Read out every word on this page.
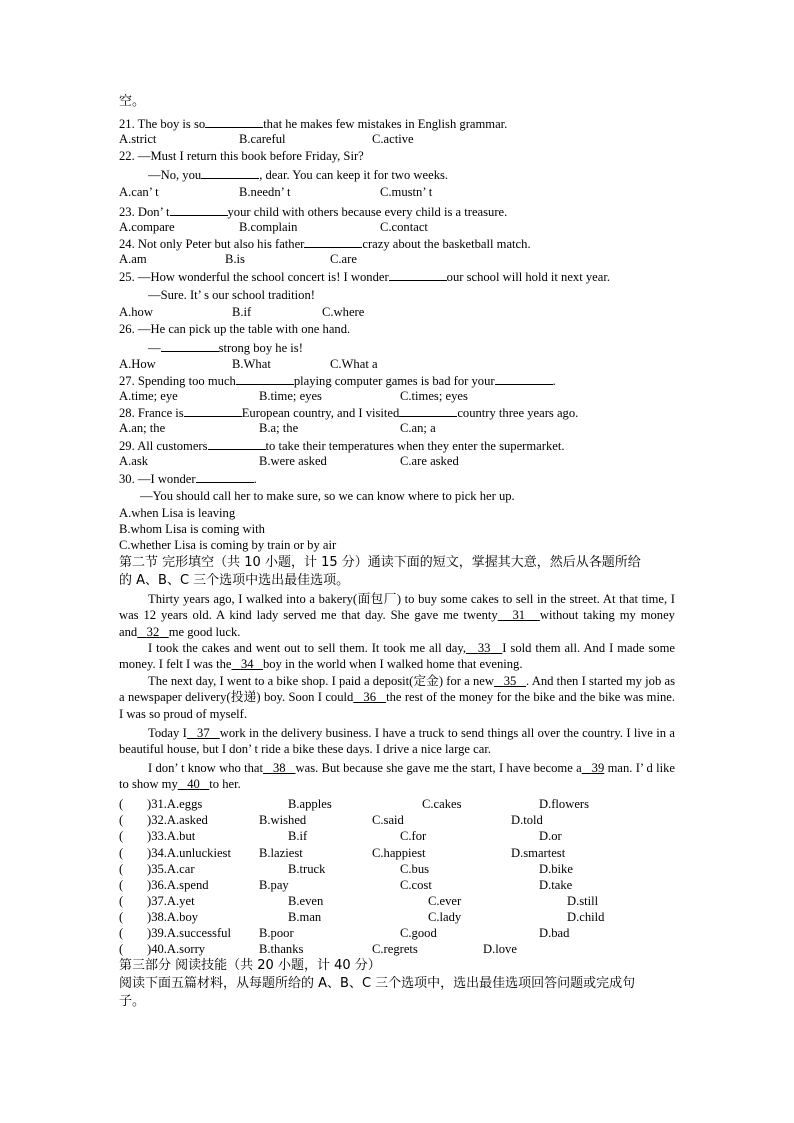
空。
21. The boy is so	that he makes few mistakes in English grammar.
A.strict	B.careful	C.active
22. —Must I return this book before Friday, Sir?
—No, you	, dear. You can keep it for two weeks.
A.can’ t	B.needn’ t	C.mustn’ t
23. Don’ t	your child with others because every child is a treasure.
A.compare	B.complain	C.contact
24. Not only Peter but also his father	crazy about the basketball match.
A.am	B.is	C.are
25. —How wonderful the school concert is! I wonder	our school will hold it next year.
—Sure. It’ s our school tradition!
A.how	B.if	C.where
26. —He can pick up the table with one hand.
—	strong boy he is!
A.How	B.What	C.What a
27. Spending too much	playing computer games is bad for your	.
A.time; eye	B.time; eyes	C.times; eyes
28. France is	European country, and I visited	country three years ago.
A.an; the	B.a; the	C.an; a
29. All customers	to take their temperatures when they enter the supermarket.
A.ask	B.were asked	C.are asked
30. —I wonder	.
—You should call her to make sure, so we can know where to pick her up.
A.when Lisa is leaving
B.whom Lisa is coming with
C.whether Lisa is coming by train or by air
第二节 完形填空（共 10 小题，计 15 分）通读下面的短文，掌握其大意，然后从各题所给
的 A、B、C 三个选项中选出最佳选项。
Thirty years ago, I walked into a bakery(面包厂) to buy some cakes to sell in the street. At that time, I was 12 years old. A kind lady served me that day. She gave me twenty 31 without taking my money and 32 me good luck.
I took the cakes and went out to sell them. It took me all day, 33 I sold them all. And I made some money. I felt I was the 34 boy in the world when I walked home that evening.
The next day, I went to a bike shop. I paid a deposit(定金) for a new 35 . And then I started my job as a newspaper delivery(投递) boy. Soon I could 36 the rest of the money for the bike and the bike was mine. I was so proud of myself.
Today I 37 work in the delivery business. I have a truck to send things all over the country. I live in a beautiful house, but I don’ t ride a bike these days. I drive a nice large car.
I don’ t know who that 38 was. But because she gave me the start, I have become a 39 man. I’ d like to show my 40 to her.
( )31.A.eggs	B.apples	C.cakes	D.flowers
( )32.A.asked	B.wished	C.said	D.told
( )33.A.but	B.if	C.for	D.or
( )34.A.unluckiest B.laziest	C.happiest	D.smartest
( )35.A.car	B.truck	C.bus	D.bike
( )36.A.spend	B.pay	C.cost	D.take
( )37.A.yet	B.even	C.ever	D.still
( )38.A.boy	B.man	C.lady	D.child
( )39.A.successful B.poor	C.good	D.bad
( )40.A.sorry	B.thanks	C.regrets	D.love
第三部分 阅读技能（共 20 小题，计 40 分）
阅读下面五篇材料，从每题所给的 A、B、C 三个选项中，选出最佳选项回答问题或完成句
子。
